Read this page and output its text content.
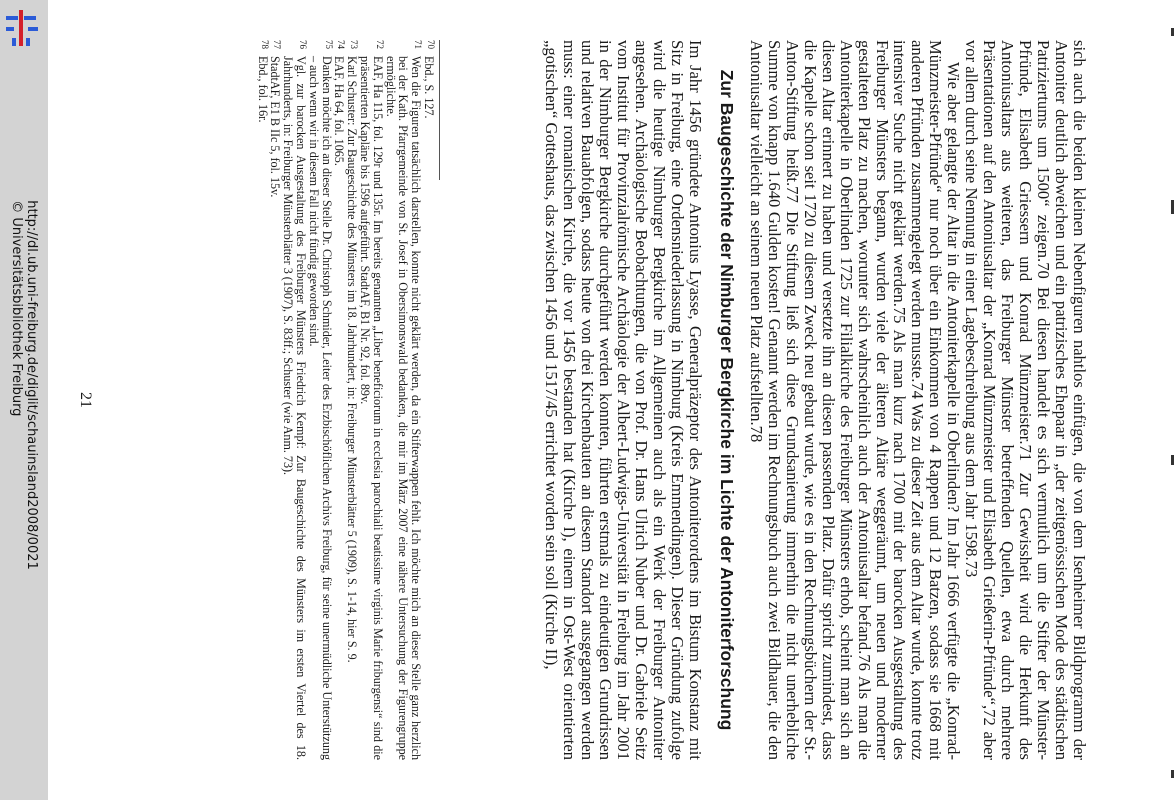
http://dl.ub.uni-freiburg.de/diglit/schauinsland2008/0021
© Universitätsbibliothek Freiburg	sich auch die beiden kleinen Nebenfiguren nahtlos einfügen, die von dem Isenheimer Bildprogramm der Antoniter deutlich abweichen und ein patrizisches Ehepaar in „der zeitgenössischen Mode des städtischen Patriziertums um 1500“ zeigen.70 Bei diesen handelt es sich vermutlich um die Stifter der Münster-Pfründe, Elisabeth Griessern und Konrad Münzmeister.71 Zur Gewissheit wird die Herkunft des Antoniusaltars aus weiteren, das Freiburger Münster betreffenden Quellen, etwa durch mehrere Präsentationen auf den Antoniusaltar der „Konrad Münzmeister und Elisabeth Grießerin-Pfründe“,72 aber vor allem durch seine Nennung in einer Lagebeschreibung aus dem Jahr 1598.73

Wie aber gelangte der Altar in die Antoniterkapelle in Oberlinden? Im Jahr 1666 verfügte die „Konrad-Münzmeister-Pfründe“ nur noch über ein Einkommen von 4 Rappen und 12 Batzen, sodass sie 1668 mit anderen Pfründen zusammengelegt werden musste.74 Was zu dieser Zeit aus dem Altar wurde, konnte trotz intensiver Suche nicht geklärt werden.75 Als man kurz nach 1700 mit der barocken Ausgestaltung des Freiburger Münsters begann, wurden viele der älteren Altäre weggeräumt, um neuen und moderner gestalteten Platz zu machen, worunter sich wahrscheinlich auch der Antoniusaltar befand.76 Als man die Antoniterkapelle in Oberlinden 1725 zur Filialkirche des Freiburger Münsters erhob, scheint man sich an diesen Altar erinnert zu haben und versetzte ihn an diesen passenden Platz. Dafür spricht zumindest, dass die Kapelle schon seit 1720 zu diesem Zweck neu gebaut wurde, wie es in den Rechnungsbüchern der St.-Anton-Stiftung heißt.77 Die Stiftung ließ sich diese Grundsanierung immerhin die nicht unerhebliche Summe von knapp 1.640 Gulden kosten! Genannt werden im Rechnungsbuch auch zwei Bildhauer, die den Antoniusaltar vielleicht an seinem neuen Platz aufstellten.78

Zur Baugeschichte der Nimburger Bergkirche im Lichte der Antoniterforschung

Im Jahr 1456 gründete Antonius Lyasse, Generalpräzeptor des Antoniterordens im Bistum Konstanz mit Sitz in Freiburg, eine Ordensniederlassung in Nimburg (Kreis Emmendingen). Dieser Gründung zufolge wird die heutige Nimburger Bergkirche im Allgemeinen auch als ein Werk der Freiburger Antoniter angesehen. Archäologische Beobachtungen, die von Prof. Dr. Hans Ulrich Nuber und Dr. Gabriele Seitz vom Institut für Provinzialrömische Archäologie der Albert-Ludwigs-Universität in Freiburg im Jahr 2001 in der Nimburger Bergkirche durchgeführt werden konnten, führten erstmals zu eindeutigen Grundrissen und relativen Bauabfolgen, sodass heute von drei Kirchenbauten an diesem Standort ausgegangen werden muss: einer romanischen Kirche, die vor 1456 bestanden hat (Kirche I), einem in Ost-West orientierten „gotischen“ Gotteshaus, das zwischen 1456 und 1517/45 errichtet worden sein soll (Kirche II),

70
Ebd., S. 127.
71
Wen die Figuren tatsächlich darstellen, konnte nicht geklärt werden, da ein Stifterwappen fehlt. Ich möchte mich an dieser Stelle ganz herzlich bei der Kath. Pfarrgemeinde von St. Josef in Obersimonswald bedanken, die mir im März 2007 eine nähere Untersuchung der Figurengruppe ermöglichte.
72
EAF, Ha 115, fol. 129r und 135r. Im bereits genannten „Liber beneficiorum in ecclesia parochiali beatissime virginis Marie friburgensi“ sind die präsentierten Kapläne bis 1596 aufgeführt. StadtAF, B1 Nr. 92, fol. 89v.
73
Karl Schuster: Zur Baugeschichte des Münsters im 18. Jahrhundert, in: Freiburger Münsterblätter 5 (1909), S. 1-14, hier S. 9.
74
EAF, Ha 64, fol. 1065.
75
Danken möchte ich an dieser Stelle Dr. Christoph Schmider, Leiter des Erzbischöflichen Archivs Freiburg, für seine unermüdliche Unterstützung – auch wenn wir in diesem Fall nicht fündig geworden sind.
76
Vgl. zur barocken Ausgestaltung des Freiburger Münsters Friedrich Kempf: Zur Baugeschichte des Münsters im ersten Viertel des 18. Jahrhunderts, in: Freiburger Münsterblätter 3 (1907), S. 83ff.; Schuster (wie Anm. 73).
77
StadtAF, E1 B IIc 5, fol. 15v.
78
Ebd., fol. 16r.
21
